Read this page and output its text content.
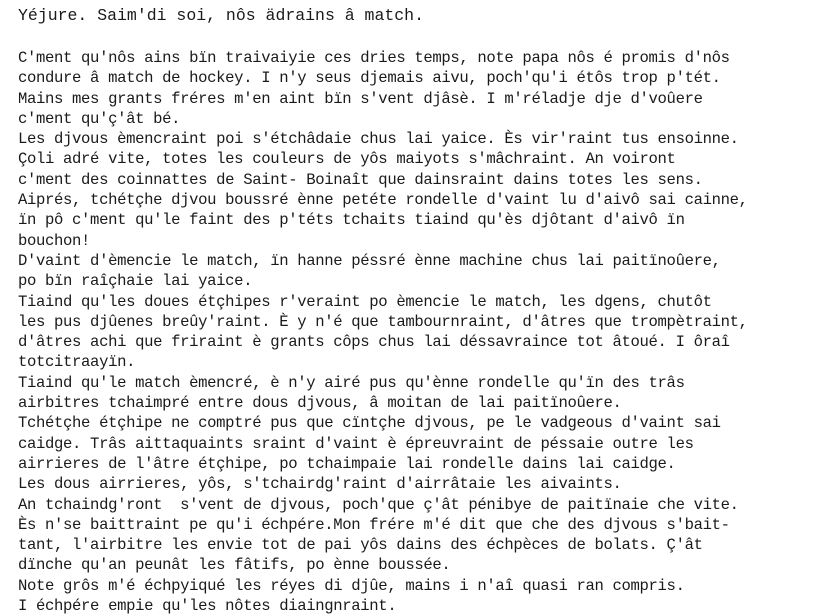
Yéjure. Saim'di soi, nôs ädrains â match.
C'ment qu'nôs ains bïn traivaiyie ces dries temps, note papa nôs é promis d'nôs
condure â match de hockey. I n'y seus djemais aivu, poch'qu'i étôs trop p'tét.
Mains mes grants fréres m'en aint bïn s'vent djâsè. I m'réladje dje d'voûere
c'ment qu'ç'ât bé.
Les djvous èmencraint poi s'étchâdaie chus lai yaice. Ès vir'raint tus ensoinne.
Çoli adré vite, totes les couleurs de yôs maiyots s'mâchraint. An voiront
c'ment des coinnattes de Saint- Boinaît que dainsraint dains totes les sens.
Aiprés, tchétçhe djvou boussré ènne petéte rondelle d'vaint lu d'aivô sai cainne,
ïn pô c'ment qu'le faint des p'téts tchaits tiaind qu'ès djôtant d'aivô ïn
bouchon!
D'vaint d'èmencie le match, ïn hanne péssré ènne machine chus lai paitïnoûere,
po bïn raîçhaie lai yaice.
Tiaind qu'les doues étçhipes r'veraint po èmencie le match, les dgens, chutôt
les pus djûenes breûy'raint. È y n'é que tambournraint, d'âtres que trompètraint,
d'âtres achi que friraint è grants côps chus lai déssavraince tot âtoué. I ôraî
totcitraayïn.
Tiaind qu'le match èmencré, è n'y airé pus qu'ènne rondelle qu'ïn des trâs
airbitres tchaimpré entre dous djvous, â moitan de lai paitïnoûere.
Tchétçhe étçhipe ne comptré pus que cïntçhe djvous, pe le vadgeous d'vaint sai
caidge. Trâs aittaquaints sraint d'vaint è épreuvraint de péssaie outre les
airrieres de l'âtre étçhipe, po tchaimpaie lai rondelle dains lai caidge.
Les dous airrieres, yôs, s'tchairdg'raint d'airrâtaie les aivaints.
An tchaindg'ront  s'vent de djvous, poch'que ç'ât pénibye de paitïnaie che vite.
Ès n'se baittraint pe qu'i échpére.Mon frére m'é dit que che des djvous s'bait-
tant, l'airbitre les envie tot de pai yôs dains des échpèces de bolats. Ç'ât
dïnche qu'an peunât les fâtifs, po ènne boussée.
Note grôs m'é échpyiqué les réyes di djûe, mains i n'aî quasi ran compris.
I échpére empie qu'les nôtes diaingnraint.
